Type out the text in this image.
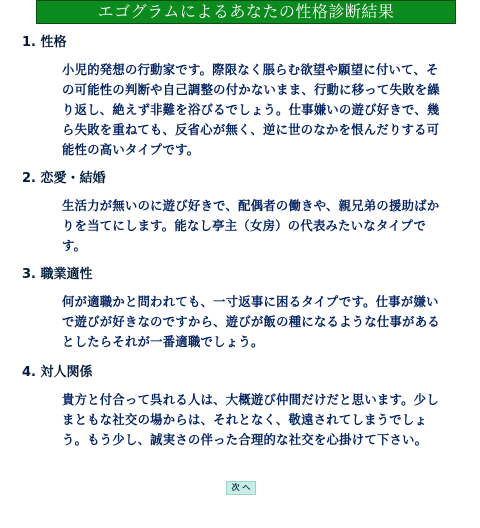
エゴグラムによるあなたの性格診断結果
1. 性格
小児的発想の行動家です。際限なく脹らむ欲望や願望に付いて、その可能性の判断や自己調整の付かないまま、行動に移って失敗を繰り返し、絶えず非難を浴びるでしょう。仕事嫌いの遊び好きで、幾ら失敗を重ねても、反省心が無く、逆に世のなかを恨んだりする可能性の高いタイプです。
2. 恋愛・結婚
生活力が無いのに遊び好きで、配偶者の働きや、親兄弟の援助ばかりを当てにします。能なし亭主（女房）の代表みたいなタイプです。
3. 職業適性
何が適職かと問われても、一寸返事に困るタイプです。仕事が嫌いで遊びが好きなのですから、遊びが飯の種になるような仕事があるとしたらそれが一番適職でしょう。
4. 対人関係
貴方と付合って呉れる人は、大概遊び仲間だけだと思います。少しまともな社交の場からは、それとなく、敬遠されてしまうでしょう。もう少し、誠実さの伴った合理的な社交を心掛けて下さい。
次 へ
